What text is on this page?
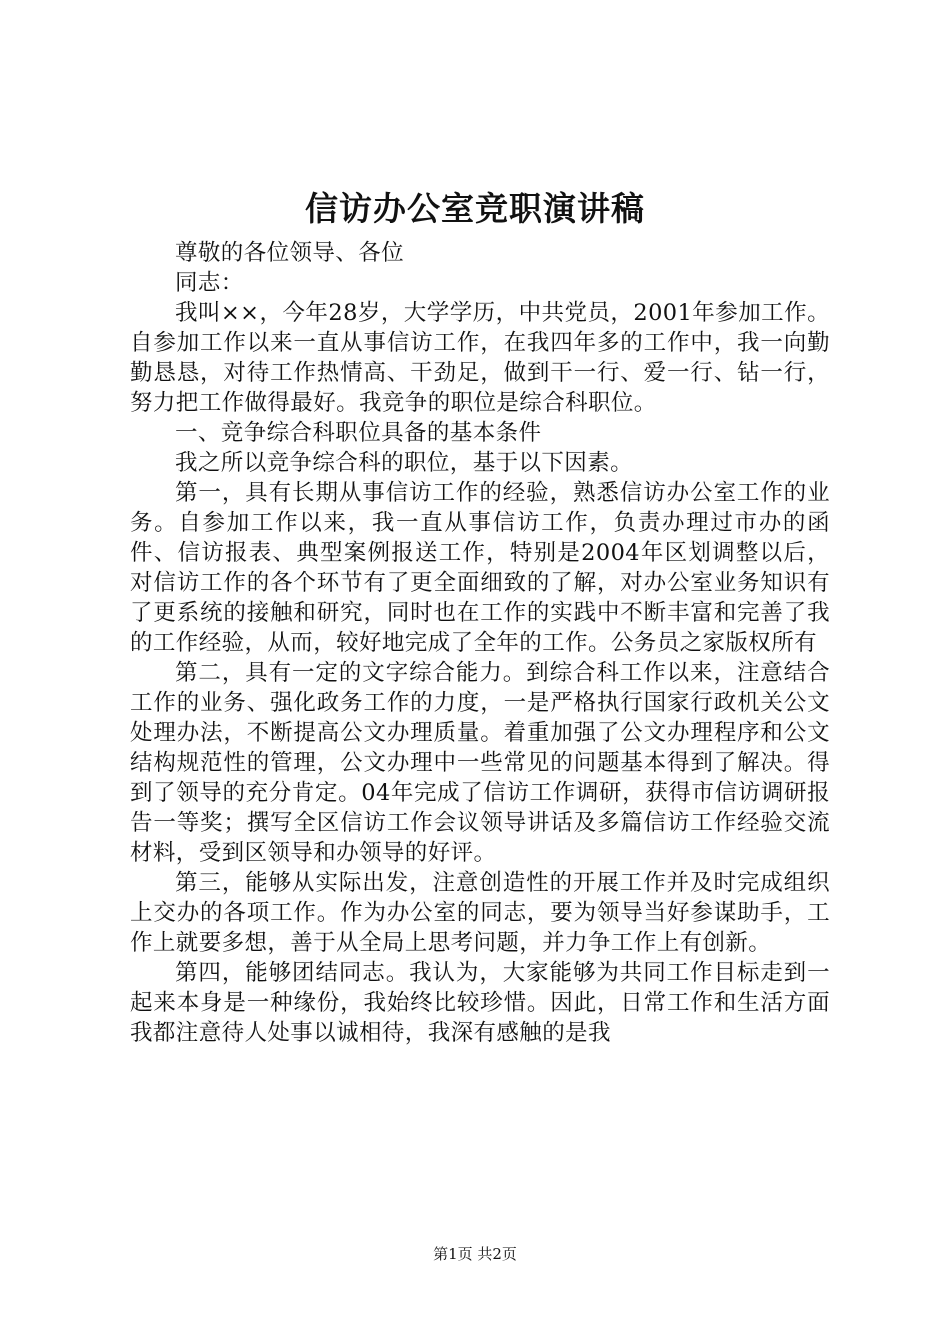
信访办公室竞职演讲稿

尊敬的各位领导、各位

同志：

我叫××，今年28岁，大学学历，中共党员，2001年参加工作。自参加工作以来一直从事信访工作，在我四年多的工作中，我一向勤勤恳恳，对待工作热情高、干劲足，做到干一行、爱一行、钻一行，努力把工作做得最好。我竞争的职位是综合科职位。

一、竞争综合科职位具备的基本条件

我之所以竞争综合科的职位，基于以下因素。

第一，具有长期从事信访工作的经验，熟悉信访办公室工作的业务。自参加工作以来，我一直从事信访工作，负责办理过市办的函件、信访报表、典型案例报送工作，特别是2004年区划调整以后，对信访工作的各个环节有了更全面细致的了解，对办公室业务知识有了更系统的接触和研究，同时也在工作的实践中不断丰富和完善了我的工作经验，从而，较好地完成了全年的工作。公务员之家版权所有

第二，具有一定的文字综合能力。到综合科工作以来，注意结合工作的业务、强化政务工作的力度，一是严格执行国家行政机关公文处理办法，不断提高公文办理质量。着重加强了公文办理程序和公文结构规范性的管理，公文办理中一些常见的问题基本得到了解决。得到了领导的充分肯定。04年完成了信访工作调研，获得市信访调研报告一等奖；撰写全区信访工作会议领导讲话及多篇信访工作经验交流材料，受到区领导和办领导的好评。

第三，能够从实际出发，注意创造性的开展工作并及时完成组织上交办的各项工作。作为办公室的同志，要为领导当好参谋助手，工作上就要多想，善于从全局上思考问题，并力争工作上有创新。

第四，能够团结同志。我认为，大家能够为共同工作目标走到一起来本身是一种缘份，我始终比较珍惜。因此，日常工作和生活方面我都注意待人处事以诚相待，我深有感触的是我

第1页 共2页
